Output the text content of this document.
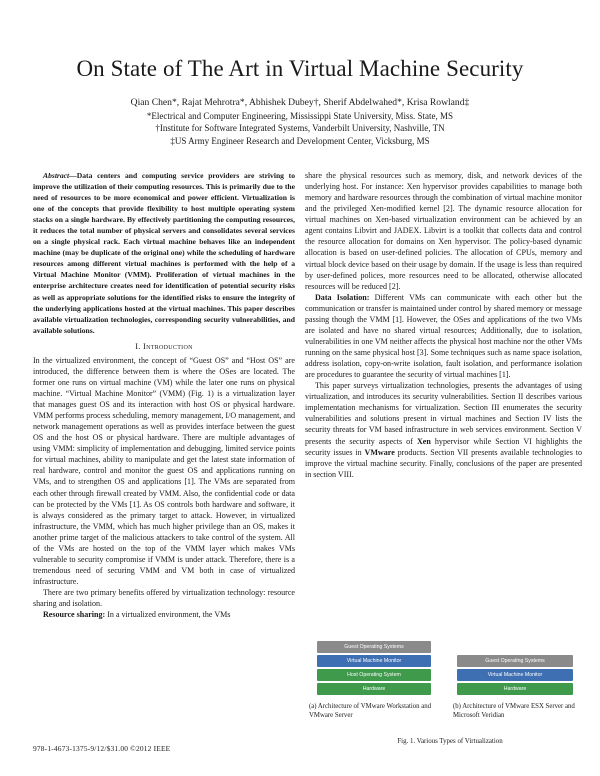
On State of The Art in Virtual Machine Security
Qian Chen*, Rajat Mehrotra*, Abhishek Dubey†, Sherif Abdelwahed*, Krisa Rowland‡
*Electrical and Computer Engineering, Mississippi State University, Miss. State, MS
†Institute for Software Integrated Systems, Vanderbilt University, Nashville, TN
‡US Army Engineer Research and Development Center, Vicksburg, MS

Abstract—Data centers and computing service providers are striving to improve the utilization of their computing resources. This is primarily due to the need of resources to be more economical and power efficient. Virtualization is one of the concepts that provide flexibility to host multiple operating system stacks on a single hardware. By effectively partitioning the computing resources, it reduces the total number of physical servers and consolidates several services on a single physical rack. Each virtual machine behaves like an independent machine (may be duplicate of the original one) while the scheduling of hardware resources among different virtual machines is performed with the help of a Virtual Machine Monitor (VMM). Proliferation of virtual machines in the enterprise architecture creates need for identification of potential security risks as well as appropriate solutions for the identified risks to ensure the integrity of the underlying applications hosted at the virtual machines. This paper describes available virtualization technologies, corresponding security vulnerabilities, and available solutions.

I. Introduction

In the virtualized environment, the concept of “Guest OS” and “Host OS” are introduced, the difference between them is where the OSes are located. The former one runs on virtual machine (VM) while the later one runs on physical machine. “Virtual Machine Monitor” (VMM) (Fig. 1) is a virtualization layer that manages guest OS and its interaction with host OS or physical hardware. VMM performs process scheduling, memory management, I/O management, and network management operations as well as provides interface between the guest OS and the host OS or physical hardware. There are multiple advantages of using VMM: simplicity of implementation and debugging, limited service points for virtual machines, ability to manipulate and get the latest state information of real hardware, control and monitor the guest OS and applications running on VMs, and to strengthen OS and applications [1]. The VMs are separated from each other through firewall created by VMM. Also, the confidential code or data can be protected by the VMs [1]. As OS controls both hardware and software, it is always considered as the primary target to attack. However, in virtualized infrastructure, the VMM, which has much higher privilege than an OS, makes it another prime target of the malicious attackers to take control of the system. All of the VMs are hosted on the top of the VMM layer which makes VMs vulnerable to security compromise if VMM is under attack. Therefore, there is a tremendous need of securing VMM and VM both in case of virtualized infrastructure.

There are two primary benefits offered by virtualization technology: resource sharing and isolation.

Resource sharing: In a virtualized environment, the VMs

share the physical resources such as memory, disk, and network devices of the underlying host. For instance: Xen hypervisor provides capabilities to manage both memory and hardware resources through the combination of virtual machine monitor and the privileged Xen-modified kernel [2]. The dynamic resource allocation for virtual machines on Xen-based virtualization environment can be achieved by an agent contains Libvirt and JADEX. Libvirt is a toolkit that collects data and control the resource allocation for domains on Xen hypervisor. The policy-based dynamic allocation is based on user-defined policies. The allocation of CPUs, memory and virtual block device based on their usage by domain. If the usage is less than required by user-defined polices, more resources need to be allocated, otherwise allocated resources will be reduced [2].

Data Isolation: Different VMs can communicate with each other but the communication or transfer is maintained under control by shared memory or message passing though the VMM [1]. However, the OSes and applications of the two VMs are isolated and have no shared virtual resources; Additionally, due to isolation, vulnerabilities in one VM neither affects the physical host machine nor the other VMs running on the same physical host [3]. Some techniques such as name space isolation, address isolation, copy-on-write isolation, fault isolation, and performance isolation are procedures to guarantee the security of virtual machines [1].

This paper surveys virtualization technologies, presents the advantages of using virtualization, and introduces its security vulnerabilities. Section II describes various implementation mechanisms for virtualization. Section III enumerates the security vulnerabilities and solutions present in virtual machines and Section IV lists the security threats for VM based infrastructure in web services environment. Section V presents the security aspects of Xen hypervisor while Section VI highlights the security issues in VMware products. Section VII presents available technologies to improve the virtual machine security. Finally, conclusions of the paper are presented in section VIII.

Guest Operating Systems
Virtual Machine Monitor
Host Operating System
Hardware
Guest Operating Systems
Virtual Machine Monitor
Hardware
(a) Architecture of VMware Workstation and VMware Server
(b) Architecture of VMware ESX Server and Microsoft Veridian
Fig. 1. Various Types of Virtualization
978-1-4673-1375-9/12/$31.00 ©2012 IEEE
